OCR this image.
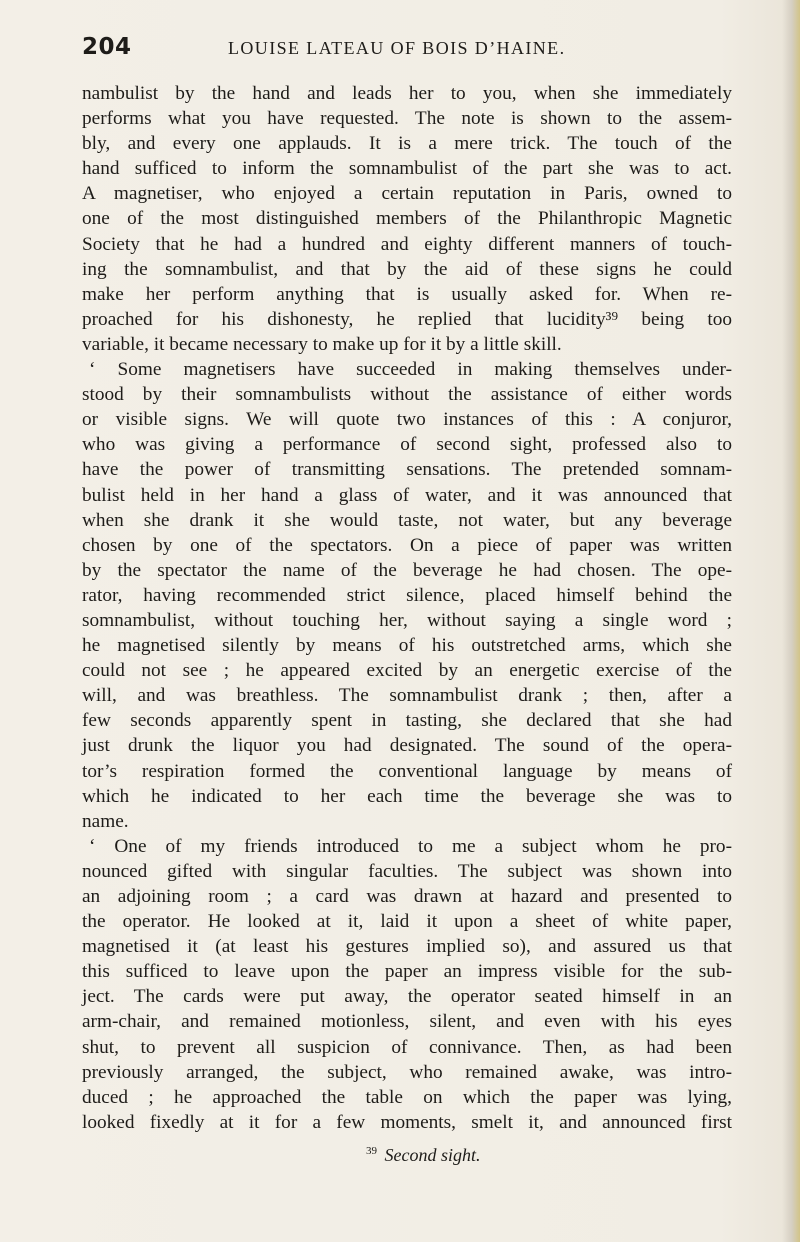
204	LOUISE LATEAU OF BOIS D’HAINE.
nambulist by the hand and leads her to you, when she immediately
performs what you have requested. The note is shown to the assem-
bly, and every one applauds. It is a mere trick. The touch of the
hand sufficed to inform the somnambulist of the part she was to act.
A magnetiser, who enjoyed a certain reputation in Paris, owned to
one of the most distinguished members of the Philanthropic Magnetic
Society that he had a hundred and eighty different manners of touch-
ing the somnambulist, and that by the aid of these signs he could
make her perform anything that is usually asked for. When re-
proached for his dishonesty, he replied that lucidity³⁹ being too
variable, it became necessary to make up for it by a little skill.
‘ Some magnetisers have succeeded in making themselves under-
stood by their somnambulists without the assistance of either words
or visible signs. We will quote two instances of this : A conjuror,
who was giving a performance of second sight, professed also to
have the power of transmitting sensations. The pretended somnam-
bulist held in her hand a glass of water, and it was announced that
when she drank it she would taste, not water, but any beverage
chosen by one of the spectators. On a piece of paper was written
by the spectator the name of the beverage he had chosen. The ope-
rator, having recommended strict silence, placed himself behind the
somnambulist, without touching her, without saying a single word ;
he magnetised silently by means of his outstretched arms, which she
could not see ; he appeared excited by an energetic exercise of the
will, and was breathless. The somnambulist drank ; then, after a
few seconds apparently spent in tasting, she declared that she had
just drunk the liquor you had designated. The sound of the opera-
tor’s respiration formed the conventional language by means of
which he indicated to her each time the beverage she was to
name.
‘ One of my friends introduced to me a subject whom he pro-
nounced gifted with singular faculties. The subject was shown into
an adjoining room ; a card was drawn at hazard and presented to
the operator. He looked at it, laid it upon a sheet of white paper,
magnetised it (at least his gestures implied so), and assured us that
this sufficed to leave upon the paper an impress visible for the sub-
ject. The cards were put away, the operator seated himself in an
arm-chair, and remained motionless, silent, and even with his eyes
shut, to prevent all suspicion of connivance. Then, as had been
previously arranged, the subject, who remained awake, was intro-
duced ; he approached the table on which the paper was lying,
looked fixedly at it for a few moments, smelt it, and announced first
$^{39}$ Second sight.
